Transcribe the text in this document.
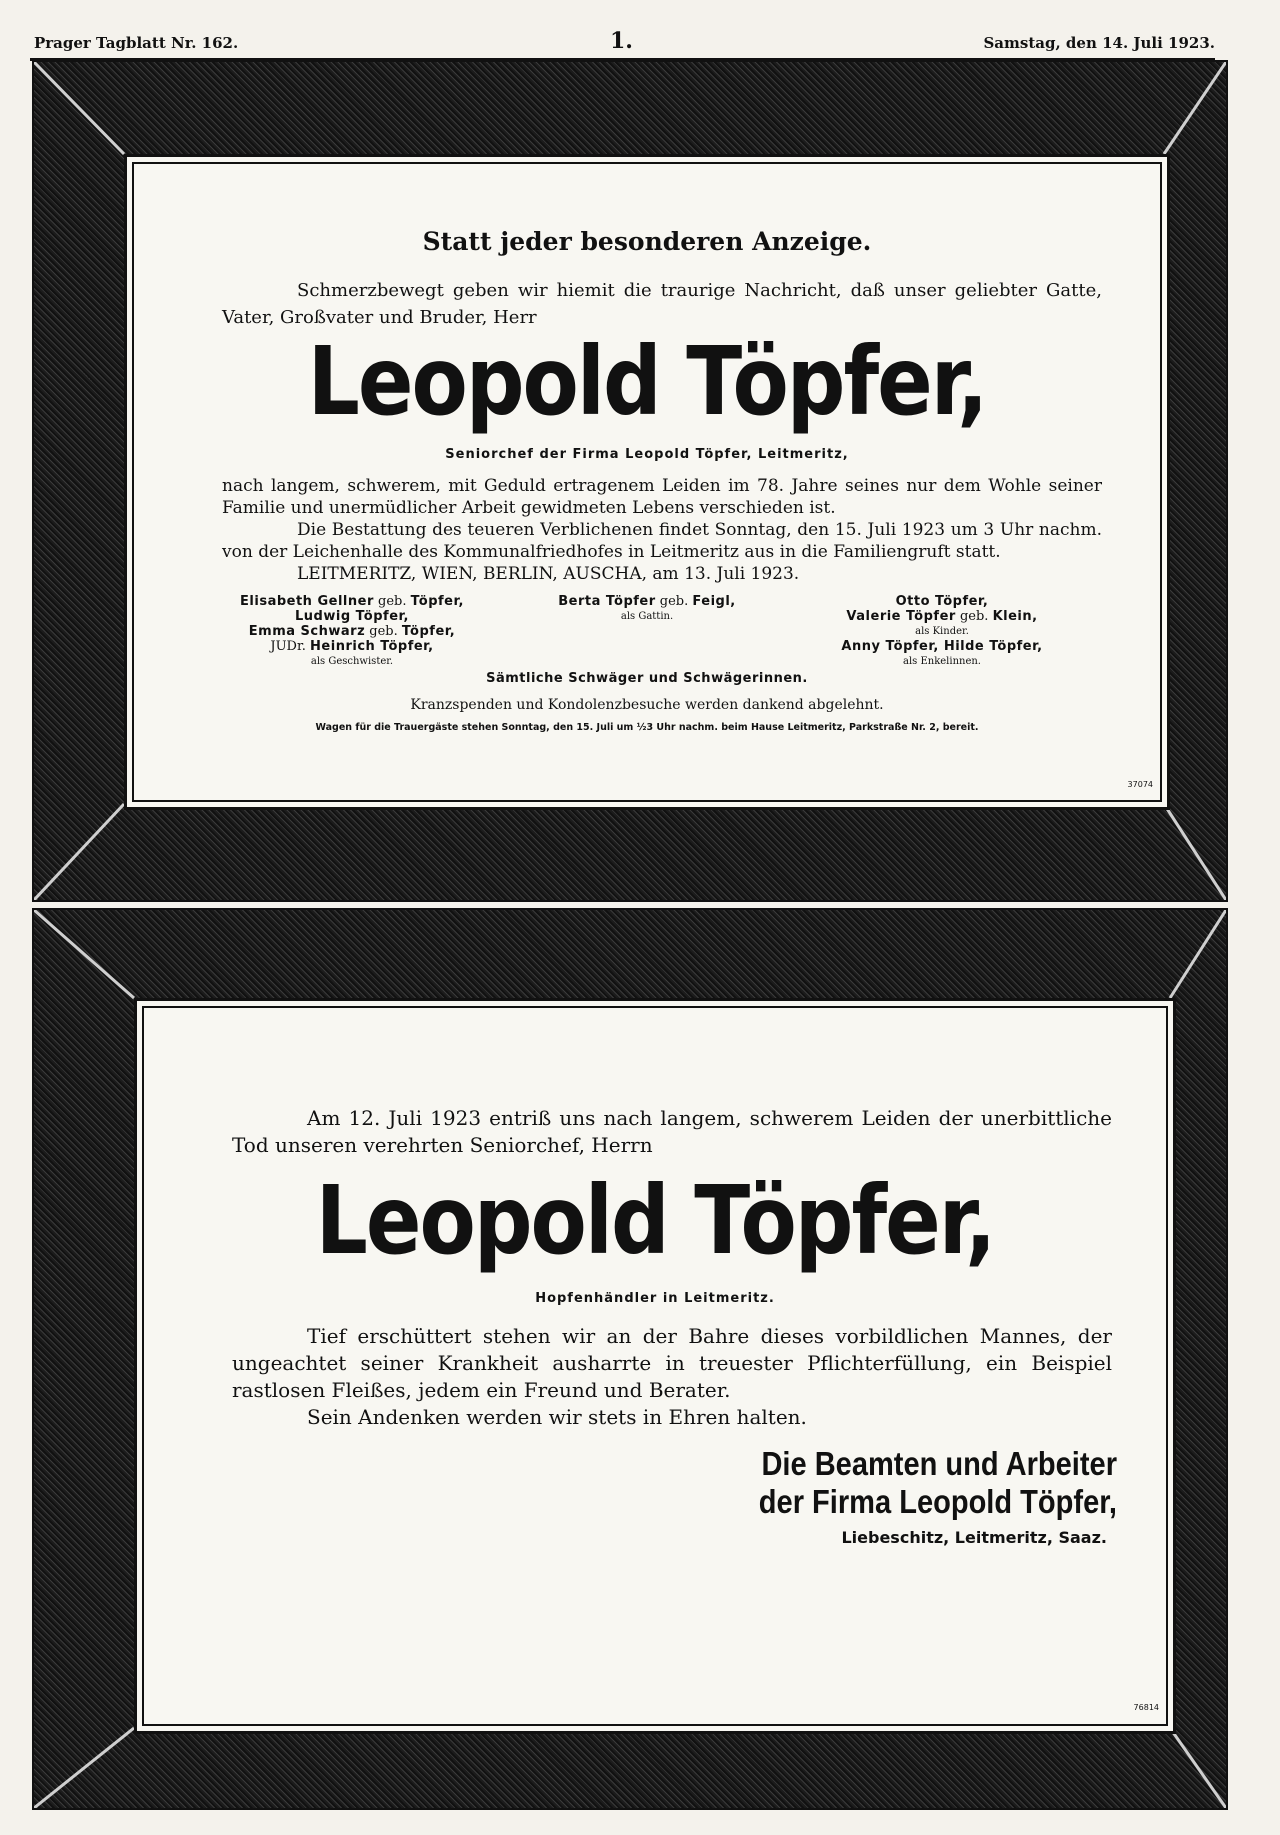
Prager Tagblatt Nr. 162.	1.	Samstag, den 14. Juli 1923.
Statt jeder besonderen Anzeige.
Schmerzbewegt geben wir hiemit die traurige Nachricht, daß unser geliebter Gatte, Vater, Großvater und Bruder, Herr
Leopold Töpfer,
Seniorchef der Firma Leopold Töpfer, Leitmeritz,

nach langem, schwerem, mit Geduld ertragenem Leiden im 78. Jahre seines nur dem Wohle seiner Familie und unermüdlicher Arbeit gewidmeten Lebens verschieden ist.

Die Bestattung des teueren Verblichenen findet Sonntag, den 15. Juli 1923 um 3 Uhr nachm. von der Leichenhalle des Kommunalfriedhofes in Leitmeritz aus in die Familiengruft statt.

LEITMERITZ, WIEN, BERLIN, AUSCHA, am 13. Juli 1923.

Elisabeth Gellner geb. Töpfer,
Ludwig Töpfer,
Emma Schwarz geb. Töpfer,
JUDr. Heinrich Töpfer,
als Geschwister.
Berta Töpfer geb. Feigl,
als Gattin.
Otto Töpfer,
Valerie Töpfer geb. Klein,
als Kinder.
Anny Töpfer, Hilde Töpfer,
als Enkelinnen.
Sämtliche Schwäger und Schwägerinnen.
Kranzspenden und Kondolenzbesuche werden dankend abgelehnt.
Wagen für die Trauergäste stehen Sonntag, den 15. Juli um ½3 Uhr nachm. beim Hause Leitmeritz, Parkstraße Nr. 2, bereit.
37074
Am 12. Juli 1923 entriß uns nach langem, schwerem Leiden der unerbittliche Tod unseren verehrten Seniorchef, Herrn
Leopold Töpfer,
Hopfenhändler in Leitmeritz.

Tief erschüttert stehen wir an der Bahre dieses vorbildlichen Mannes, der ungeachtet seiner Krankheit ausharrte in treuester Pflichterfüllung, ein Beispiel rastlosen Fleißes, jedem ein Freund und Berater.

Sein Andenken werden wir stets in Ehren halten.

Die Beamten und Arbeiter
der Firma Leopold Töpfer,
Liebeschitz, Leitmeritz, Saaz.
76814
